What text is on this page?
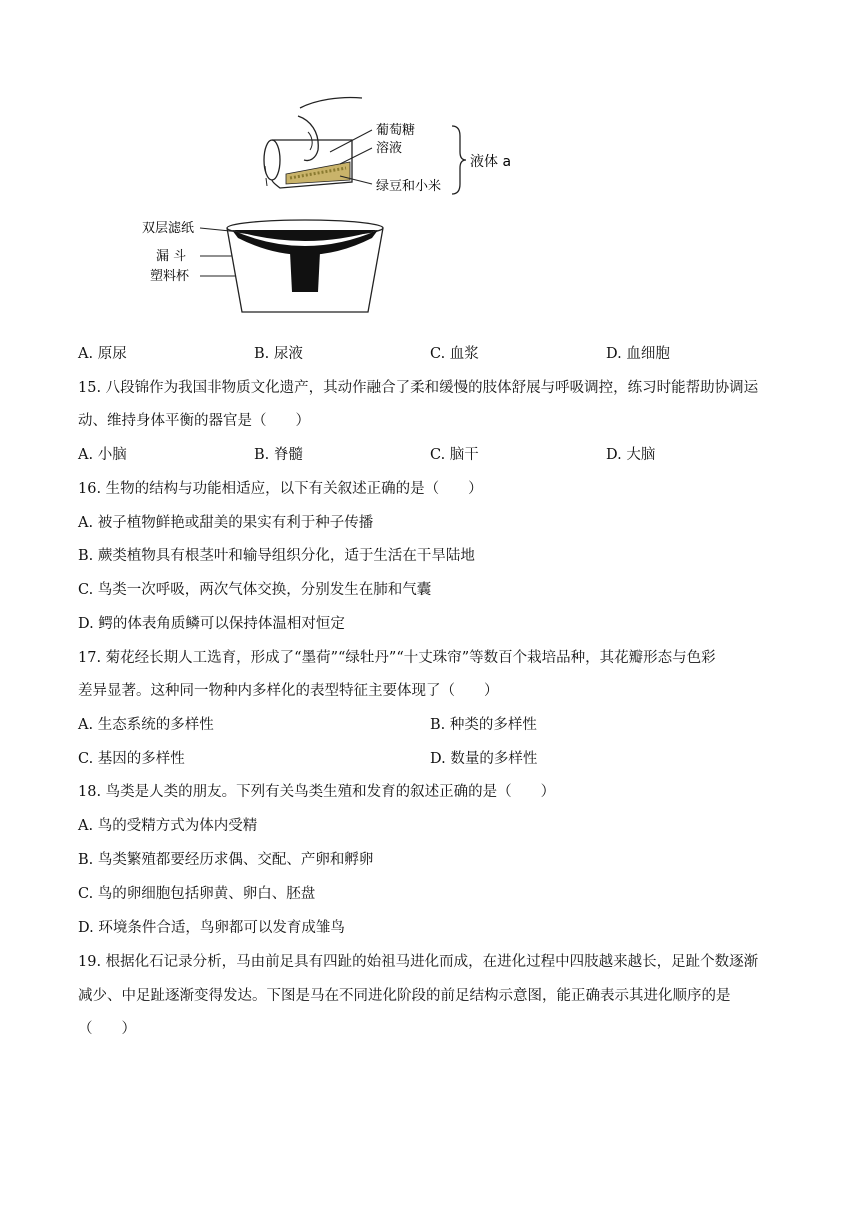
葡萄糖
溶液
绿豆和小米
液体 a
双层滤纸
漏 斗
塑料杯
A. 原尿	B. 尿液	C. 血浆	D. 血细胞
15. 八段锦作为我国非物质文化遗产，其动作融合了柔和缓慢的肢体舒展与呼吸调控，练习时能帮助协调运
动、维持身体平衡的器官是（　　）
A. 小脑	B. 脊髓	C. 脑干	D. 大脑
16. 生物的结构与功能相适应，以下有关叙述正确的是（　　）
A. 被子植物鲜艳或甜美的果实有利于种子传播
B. 蕨类植物具有根茎叶和输导组织分化，适于生活在干旱陆地
C. 鸟类一次呼吸，两次气体交换，分别发生在肺和气囊
D. 鳄的体表角质鳞可以保持体温相对恒定
17. 菊花经长期人工选育，形成了“墨荷”“绿牡丹”“十丈珠帘”等数百个栽培品种，其花瓣形态与色彩
差异显著。这种同一物种内多样化的表型特征主要体现了（　　）
A. 生态系统的多样性	B. 种类的多样性
C. 基因的多样性	D. 数量的多样性
18. 鸟类是人类的朋友。下列有关鸟类生殖和发育的叙述正确的是（　　）
A. 鸟的受精方式为体内受精
B. 鸟类繁殖都要经历求偶、交配、产卵和孵卵
C. 鸟的卵细胞包括卵黄、卵白、胚盘
D. 环境条件合适，鸟卵都可以发育成雏鸟
19. 根据化石记录分析，马由前足具有四趾的始祖马进化而成，在进化过程中四肢越来越长，足趾个数逐渐
减少、中足趾逐渐变得发达。下图是马在不同进化阶段的前足结构示意图，能正确表示其进化顺序的是
（　　）
